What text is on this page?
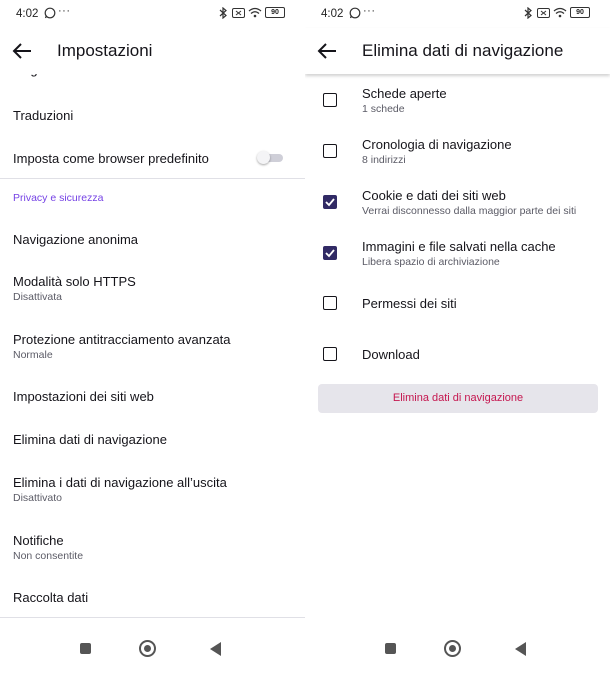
4:02 ···	90
Impostazioni
Traduzioni
Imposta come browser predefinito
Privacy e sicurezza
Navigazione anonima
Modalità solo HTTPS
Disattivata
Protezione antitracciamento avanzata
Normale
Impostazioni dei siti web
Elimina dati di navigazione
Elimina i dati di navigazione all’uscita
Disattivato
Notifiche
Non consentite
Raccolta dati
4:02 ···	90
Elimina dati di navigazione
Schede aperte
1 schede
Cronologia di navigazione
8 indirizzi
Cookie e dati dei siti web
Verrai disconnesso dalla maggior parte dei siti
Immagini e file salvati nella cache
Libera spazio di archiviazione
Permessi dei siti
Download
Elimina dati di navigazione
